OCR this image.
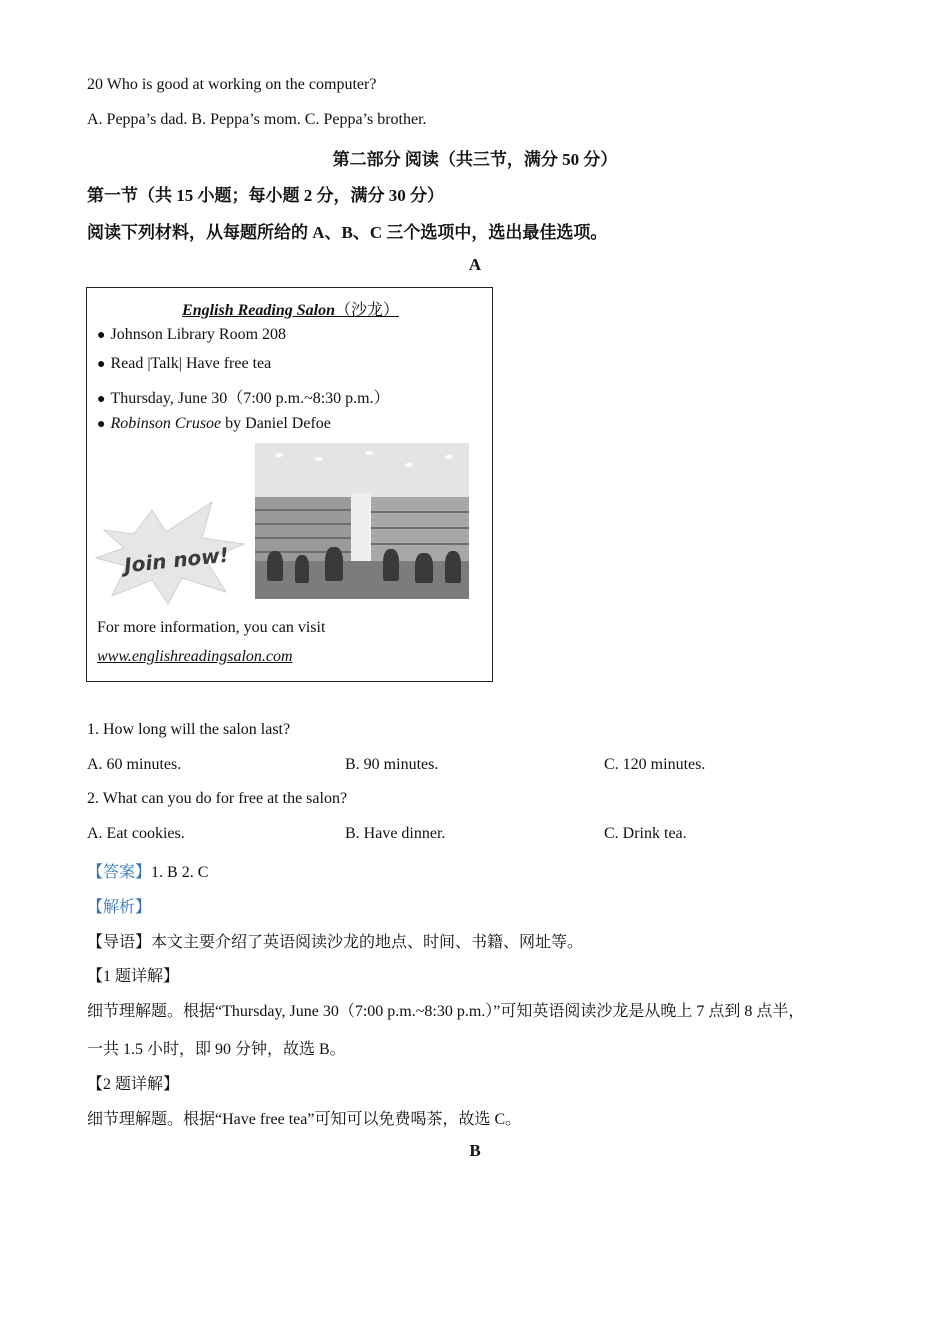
20 Who is good at working on the computer?
A. Peppa’s dad. B. Peppa’s mom. C. Peppa’s brother.
第二部分 阅读（共三节，满分 50 分）
第一节（共 15 小题；每小题 2 分，满分 30 分）
阅读下列材料，从每题所给的 A、B、C 三个选项中，选出最佳选项。
A
English Reading Salon（沙龙）
● Johnson Library Room 208
● Read |Talk| Have free tea
● Thursday, June 30（7:00 p.m.~8:30 p.m.）
● Robinson Crusoe by Daniel Defoe
Join now!
For more information, you can visit
www.englishreadingsalon.com
1. How long will the salon last?
A. 60 minutes.	B. 90 minutes.	C. 120 minutes.
2. What can you do for free at the salon?
A. Eat cookies.	B. Have dinner.	C. Drink tea.
【答案】1. B 2. C
【解析】
【导语】本文主要介绍了英语阅读沙龙的地点、时间、书籍、网址等。
【1 题详解】
细节理解题。根据“Thursday, June 30（7:00 p.m.~8:30 p.m.）”可知英语阅读沙龙是从晚上 7 点到 8 点半，
一共 1.5 小时，即 90 分钟，故选 B。
【2 题详解】
细节理解题。根据“Have free tea”可知可以免费喝茶，故选 C。
B
